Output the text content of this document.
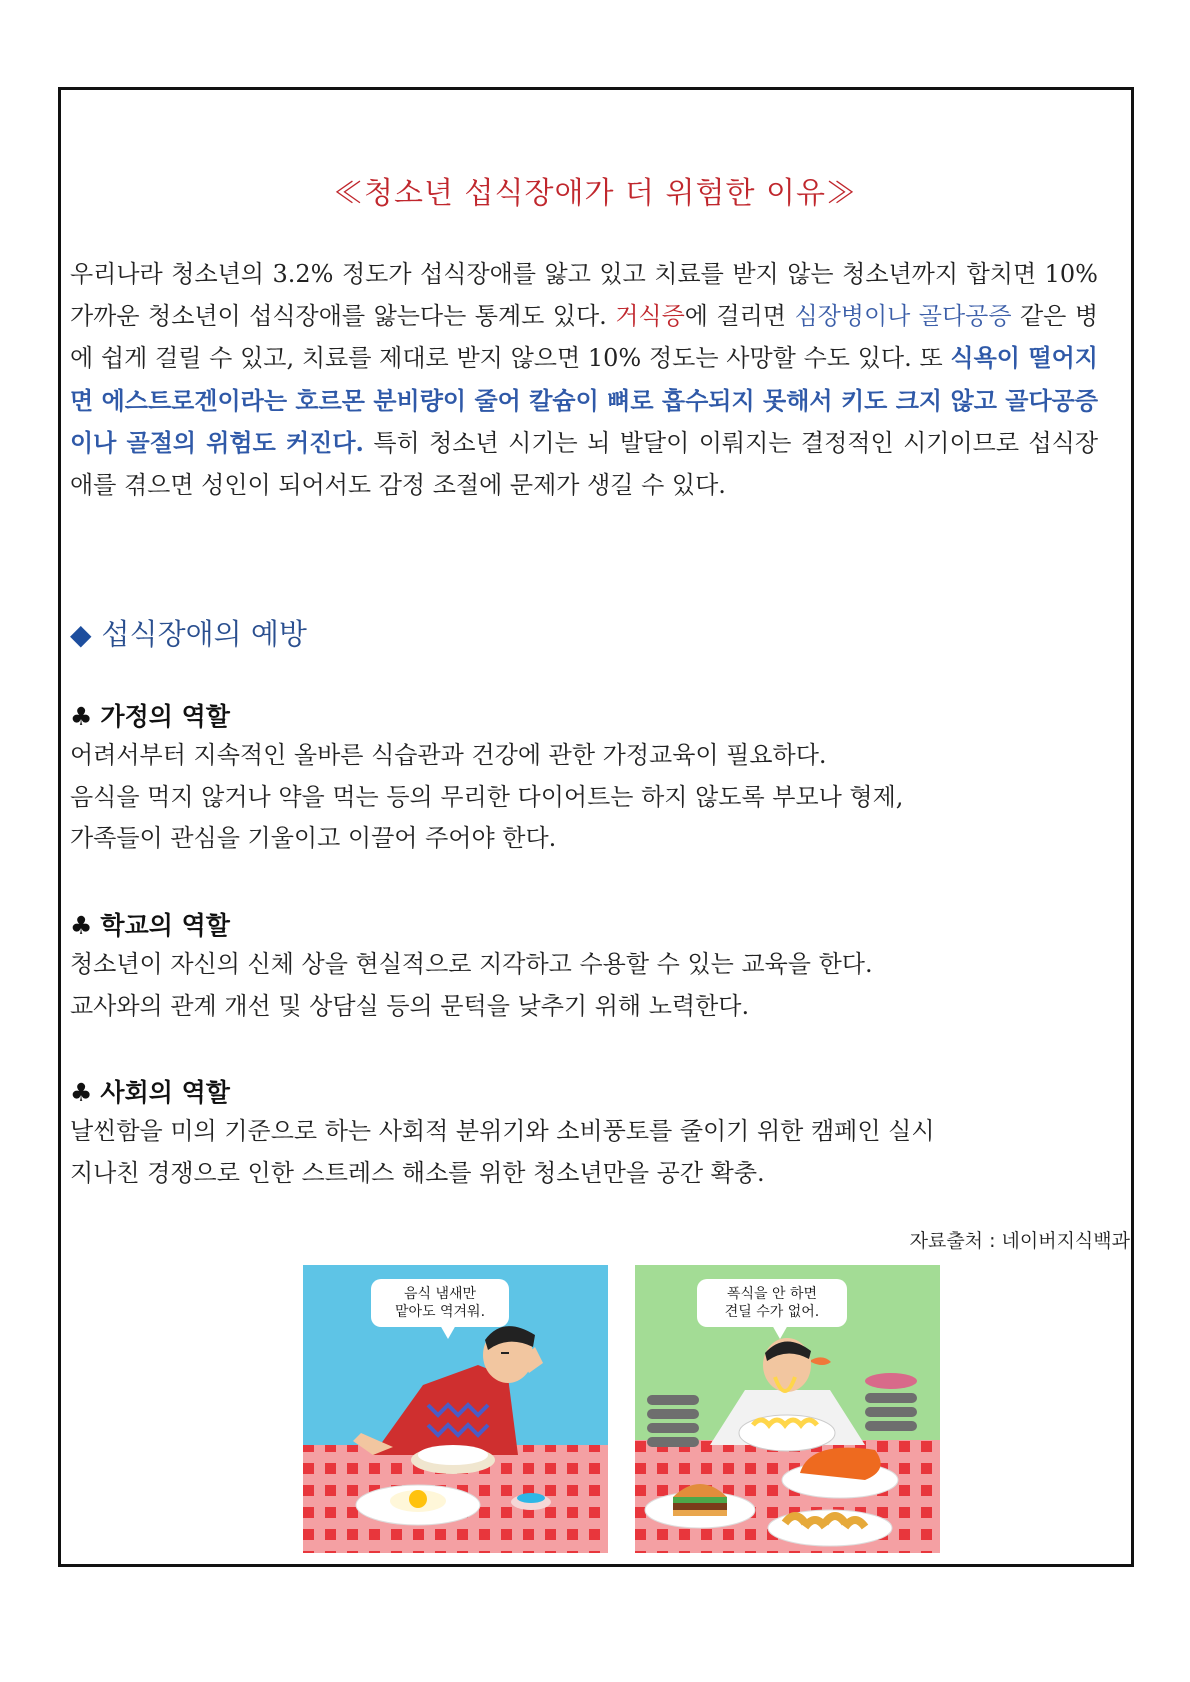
≪청소년 섭식장애가 더 위험한 이유≫
우리나라 청소년의 3.2% 정도가 섭식장애를 앓고 있고 치료를 받지 않는 청소년까지 합치면 10% 가까운 청소년이 섭식장애를 앓는다는 통계도 있다. 거식증에 걸리면 심장병이나 골다공증 같은 병에 쉽게 걸릴 수 있고, 치료를 제대로 받지 않으면 10% 정도는 사망할 수도 있다. 또 식욕이 떨어지면 에스트로겐이라는 호르몬 분비량이 줄어 칼슘이 뼈로 흡수되지 못해서 키도 크지 않고 골다공증이나 골절의 위험도 커진다. 특히 청소년 시기는 뇌 발달이 이뤄지는 결정적인 시기이므로 섭식장애를 겪으면 성인이 되어서도 감정 조절에 문제가 생길 수 있다.
◆ 섭식장애의 예방
♣ 가정의 역할
어려서부터 지속적인 올바른 식습관과 건강에 관한 가정교육이 필요하다.
음식을 먹지 않거나 약을 먹는 등의 무리한 다이어트는 하지 않도록 부모나 형제,
가족들이 관심을 기울이고 이끌어 주어야 한다.
♣ 학교의 역할
청소년이 자신의 신체 상을 현실적으로 지각하고 수용할 수 있는 교육을 한다.
교사와의 관계 개선 및 상담실 등의 문턱을 낮추기 위해 노력한다.
♣ 사회의 역할
날씬함을 미의 기준으로 하는 사회적 분위기와 소비풍토를 줄이기 위한 캠페인 실시
지나친 경쟁으로 인한 스트레스 해소를 위한 청소년만을 공간 확충.
자료출처 : 네이버지식백과
음식 냄새만
맡아도 역겨워.
폭식을 안 하면
견딜 수가 없어.
